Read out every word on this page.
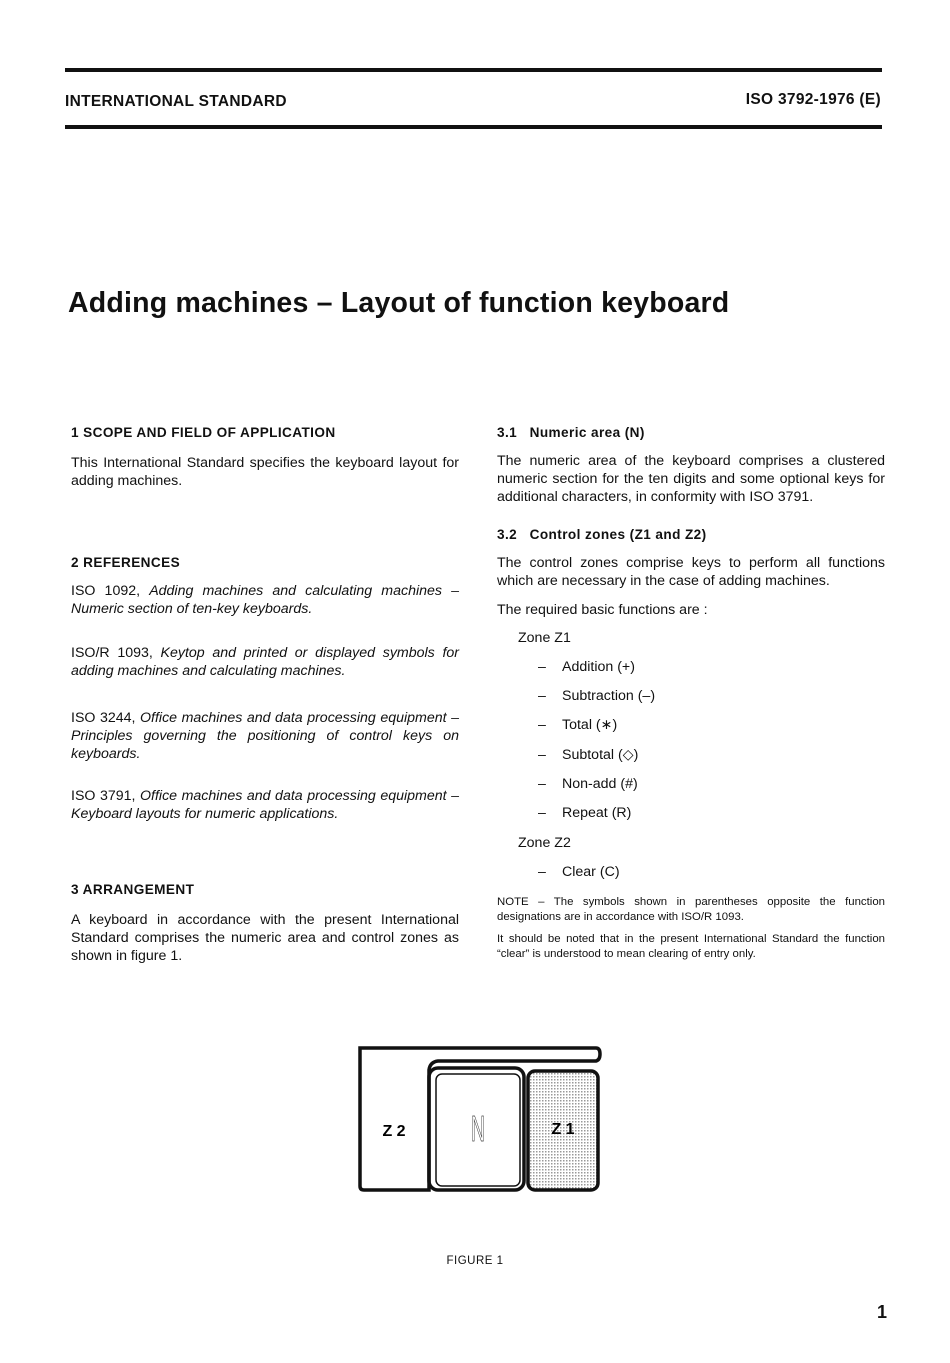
INTERNATIONAL STANDARD	ISO 3792-1976 (E)
Adding machines – Layout of function keyboard
1 SCOPE AND FIELD OF APPLICATION
This International Standard specifies the keyboard layout for adding machines.
2 REFERENCES
ISO 1092, Adding machines and calculating machines – Numeric section of ten-key keyboards.
ISO/R 1093, Keytop and printed or displayed symbols for adding machines and calculating machines.
ISO 3244, Office machines and data processing equipment – Principles governing the positioning of control keys on keyboards.
ISO 3791, Office machines and data processing equipment – Keyboard layouts for numeric applications.
3 ARRANGEMENT
A keyboard in accordance with the present International Standard comprises the numeric area and control zones as shown in figure 1.
3.1 Numeric area (N)
The numeric area of the keyboard comprises a clustered numeric section for the ten digits and some optional keys for additional characters, in conformity with ISO 3791.
3.2 Control zones (Z1 and Z2)
The control zones comprise keys to perform all functions which are necessary in the case of adding machines.
The required basic functions are :
Zone Z1
– Addition (+)
– Subtraction (–)
– Total (∗)
– Subtotal (◇)
– Non-add (#)
– Repeat (R)
Zone Z2
– Clear (C)
NOTE – The symbols shown in parentheses opposite the function designations are in accordance with ISO/R 1093.
It should be noted that in the present International Standard the function “clear” is understood to mean clearing of entry only.
Z 2 N	Z 1
FIGURE 1
1
